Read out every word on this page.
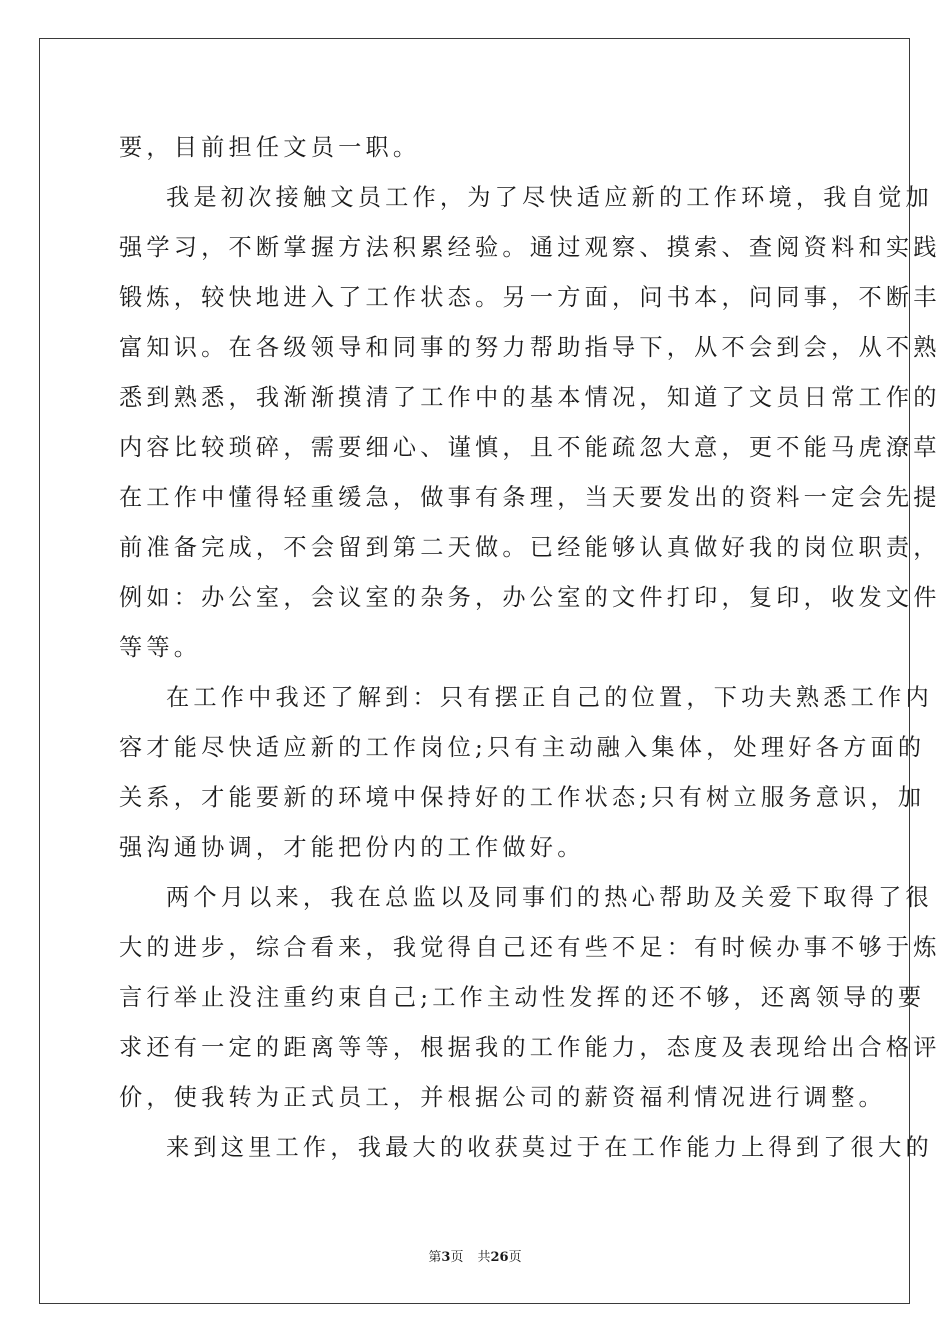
要，目前担任文员一职。
我是初次接触文员工作，为了尽快适应新的工作环境，我自觉加
强学习，不断掌握方法积累经验。通过观察、摸索、查阅资料和实践
锻炼，较快地进入了工作状态。另一方面，问书本，问同事，不断丰
富知识。在各级领导和同事的努力帮助指导下，从不会到会，从不熟
悉到熟悉，我渐渐摸清了工作中的基本情况，知道了文员日常工作的
内容比较琐碎，需要细心、谨慎，且不能疏忽大意，更不能马虎潦草
在工作中懂得轻重缓急，做事有条理，当天要发出的资料一定会先提
前准备完成，不会留到第二天做。已经能够认真做好我的岗位职责，
例如：办公室，会议室的杂务，办公室的文件打印，复印，收发文件
等等。
在工作中我还了解到：只有摆正自己的位置，下功夫熟悉工作内
容才能尽快适应新的工作岗位;只有主动融入集体，处理好各方面的
关系，才能要新的环境中保持好的工作状态;只有树立服务意识，加
强沟通协调，才能把份内的工作做好。
两个月以来，我在总监以及同事们的热心帮助及关爱下取得了很
大的进步，综合看来，我觉得自己还有些不足：有时候办事不够于炼
言行举止没注重约束自己;工作主动性发挥的还不够，还离领导的要
求还有一定的距离等等，根据我的工作能力，态度及表现给出合格评
价，使我转为正式员工，并根据公司的薪资福利情况进行调整。
来到这里工作，我最大的收获莫过于在工作能力上得到了很大的
第3页 共26页
